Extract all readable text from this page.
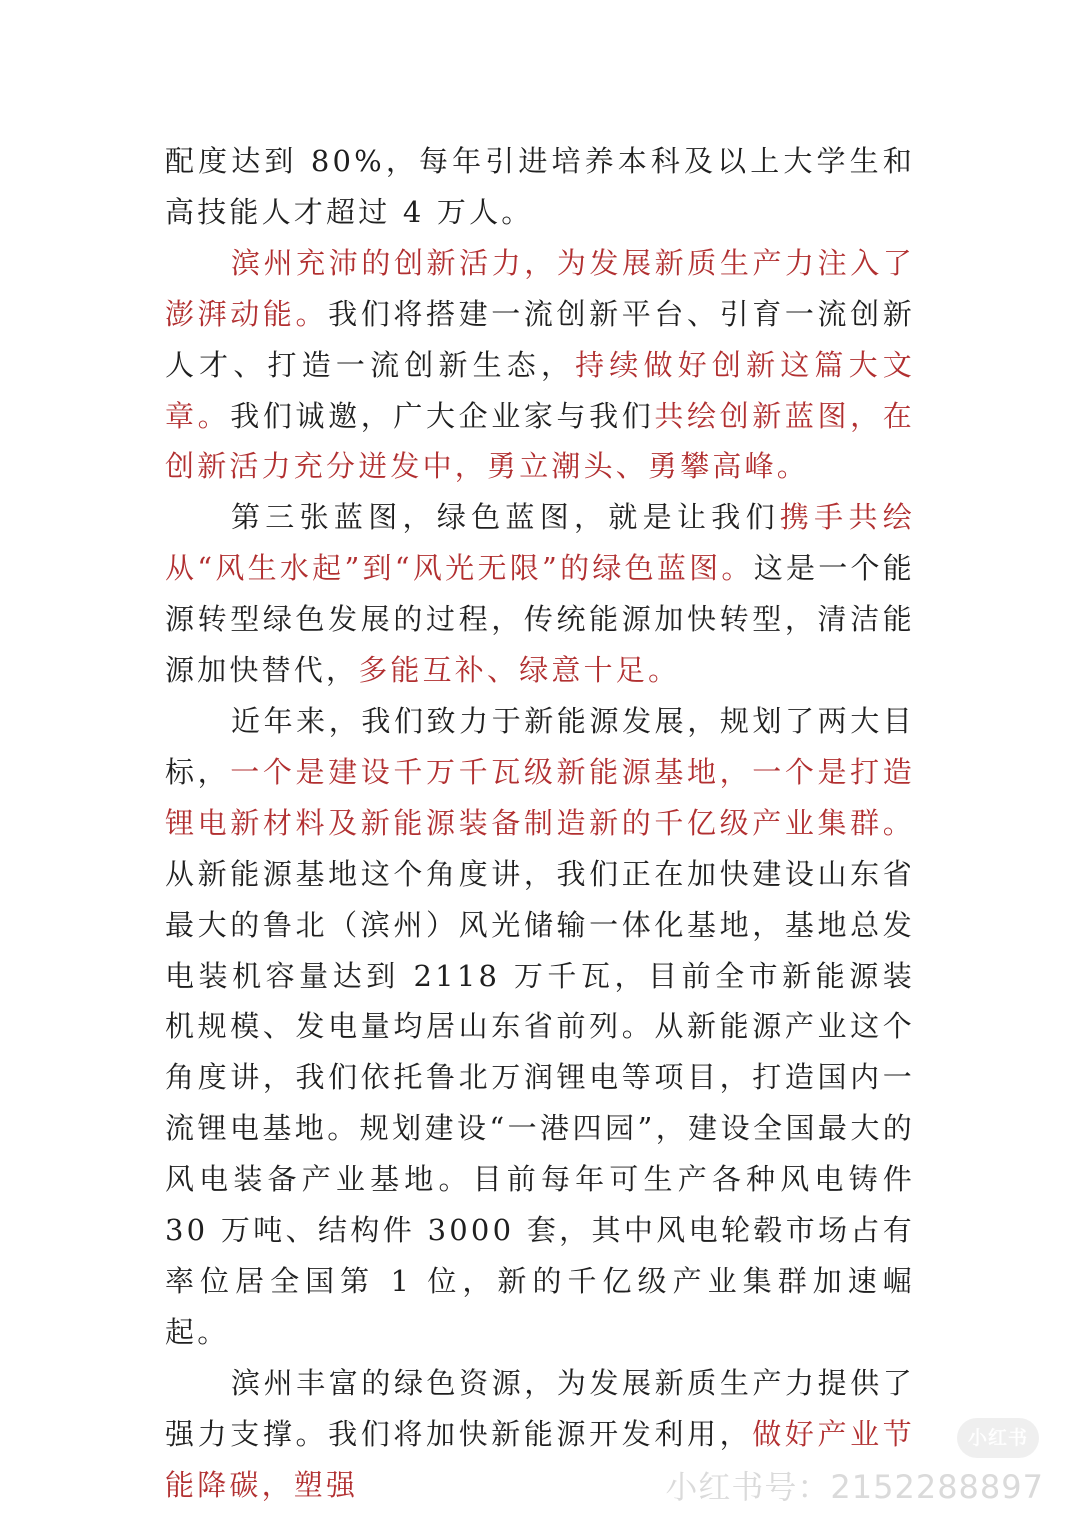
配度达到 80%，每年引进培养本科及以上大学生和高技能人才超过 4 万人。

滨州充沛的创新活力，为发展新质生产力注入了澎湃动能。我们将搭建一流创新平台、引育一流创新人才、打造一流创新生态，持续做好创新这篇大文章。我们诚邀，广大企业家与我们共绘创新蓝图，在创新活力充分迸发中，勇立潮头、勇攀高峰。

第三张蓝图，绿色蓝图，就是让我们携手共绘从“风生水起”到“风光无限”的绿色蓝图。这是一个能源转型绿色发展的过程，传统能源加快转型，清洁能源加快替代，多能互补、绿意十足。

近年来，我们致力于新能源发展，规划了两大目标，一个是建设千万千瓦级新能源基地，一个是打造锂电新材料及新能源装备制造新的千亿级产业集群。从新能源基地这个角度讲，我们正在加快建设山东省最大的鲁北（滨州）风光储输一体化基地，基地总发电装机容量达到 2118 万千瓦，目前全市新能源装机规模、发电量均居山东省前列。从新能源产业这个角度讲，我们依托鲁北万润锂电等项目，打造国内一流锂电基地。规划建设“一港四园”，建设全国最大的风电装备产业基地。目前每年可生产各种风电铸件 30 万吨、结构件 3000 套，其中风电轮毂市场占有率位居全国第 1 位，新的千亿级产业集群加速崛起。

滨州丰富的绿色资源，为发展新质生产力提供了强力支撑。我们将加快新能源开发利用，做好产业节能降碳，塑强

小红书
小红书号：2152288897
